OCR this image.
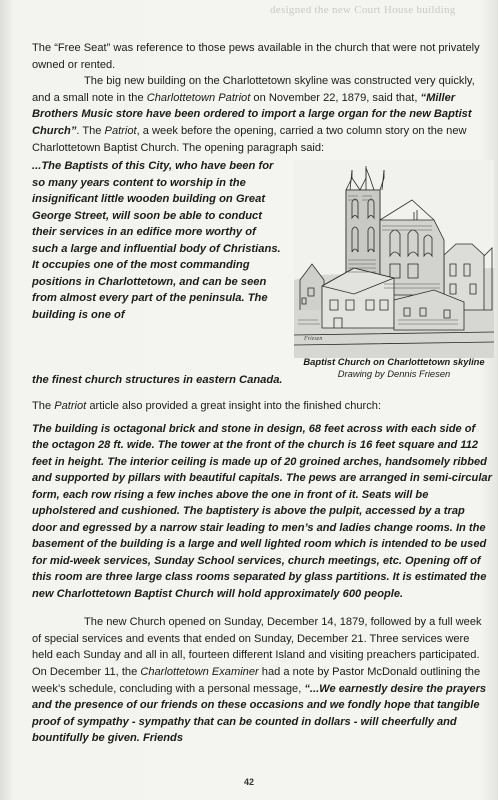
designed the new Court House building

The “Free Seat” was reference to those pews available in the church that were not privately owned or rented.

The big new building on the Charlottetown skyline was constructed very quickly, and a small note in the Charlottetown Patriot on November 22, 1879, said that, “Miller Brothers Music store have been ordered to import a large organ for the new Baptist Church”. The Patriot, a week before the opening, carried a two column story on the new Charlottetown Baptist Church. The opening paragraph said:

...The Baptists of this City, who have been for so many years content to worship in the insignificant little wooden building on Great George Street, will soon be able to conduct their services in an edifice more worthy of such a large and influential body of Christians. It occupies one of the most commanding positions in Charlottetown, and can be seen from almost every part of the peninsula. The building is one of
Friesen
Baptist Church on Charlottetown skyline
Drawing by Dennis Friesen
the finest church structures in eastern Canada.

The Patriot article also provided a great insight into the finished church:

The building is octagonal brick and stone in design, 68 feet across with each side of the octagon 28 ft. wide. The tower at the front of the church is 16 feet square and 112 feet in height. The interior ceiling is made up of 20 groined arches, handsomely ribbed and supported by pillars with beautiful capitals. The pews are arranged in semi-circular form, each row rising a few inches above the one in front of it. Seats will be upholstered and cushioned. The baptistery is above the pulpit, accessed by a trap door and egressed by a narrow stair leading to men’s and ladies change rooms. In the basement of the building is a large and well lighted room which is intended to be used for mid-week services, Sunday School services, church meetings, etc. Opening off of this room are three large class rooms separated by glass partitions. It is estimated the new Charlottetown Baptist Church will hold approximately 600 people.

The new Church opened on Sunday, December 14, 1879, followed by a full week of special services and events that ended on Sunday, December 21. Three services were held each Sunday and all in all, fourteen different Island and visiting preachers participated. On December 11, the Charlottetown Examiner had a note by Pastor McDonald outlining the week’s schedule, concluding with a personal message, “...We earnestly desire the prayers and the presence of our friends on these occasions and we fondly hope that tangible proof of sympathy - sympathy that can be counted in dollars - will cheerfully and bountifully be given. Friends

42
